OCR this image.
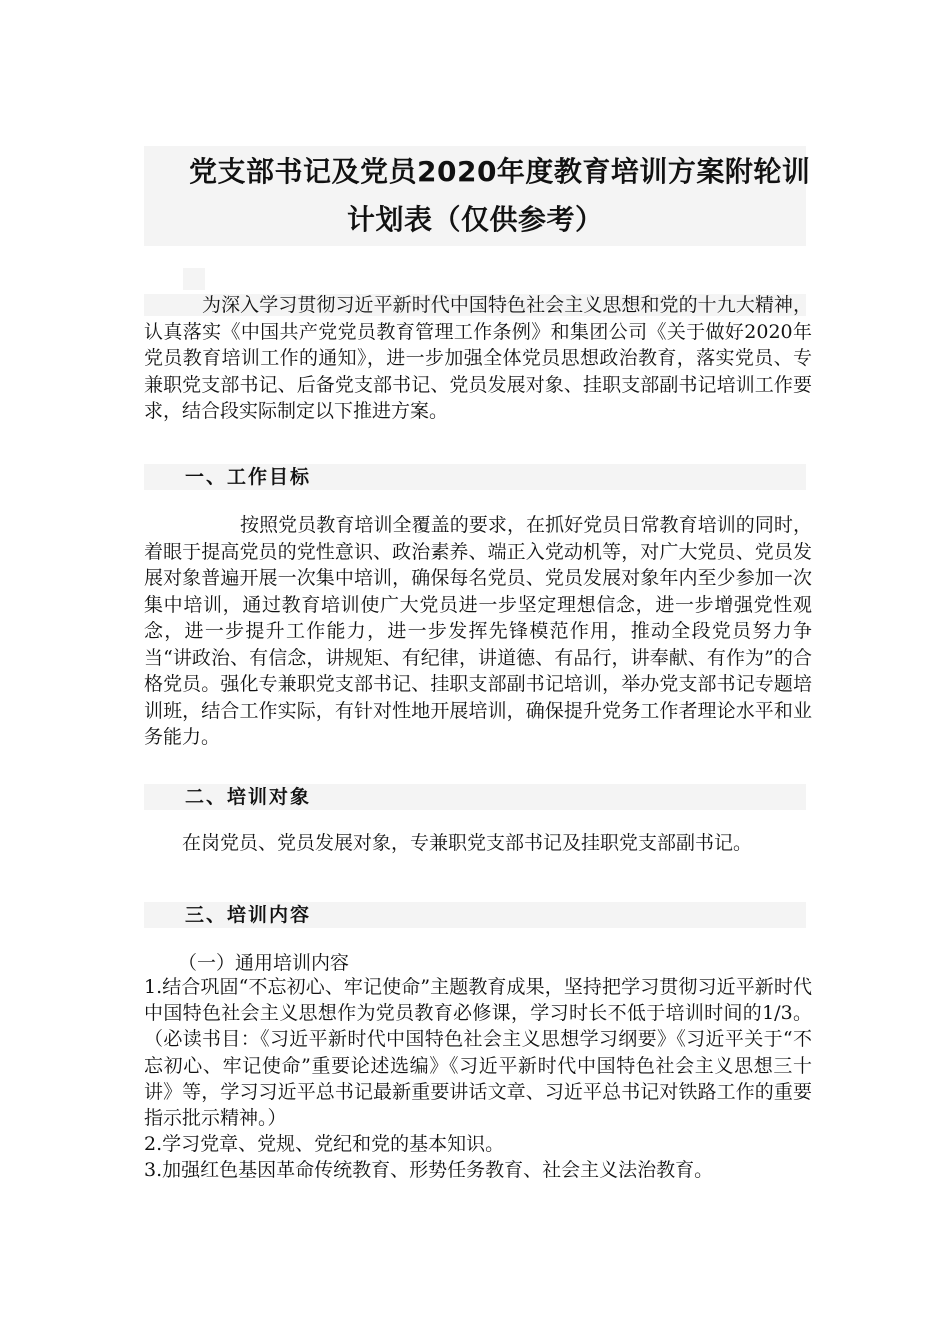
党支部书记及党员2020年度教育培训方案附轮训
计划表（仅供参考）
为深入学习贯彻习近平新时代中国特色社会主义思想和党的十九大精神，认真落实《中国共产党党员教育管理工作条例》和集团公司《关于做好2020年党员教育培训工作的通知》，进一步加强全体党员思想政治教育，落实党员、专兼职党支部书记、后备党支部书记、党员发展对象、挂职支部副书记培训工作要求，结合段实际制定以下推进方案。
一、工作目标
按照党员教育培训全覆盖的要求，在抓好党员日常教育培训的同时，着眼于提高党员的党性意识、政治素养、端正入党动机等，对广大党员、党员发展对象普遍开展一次集中培训，确保每名党员、党员发展对象年内至少参加一次集中培训，通过教育培训使广大党员进一步坚定理想信念，进一步增强党性观念，进一步提升工作能力，进一步发挥先锋模范作用，推动全段党员努力争当“讲政治、有信念，讲规矩、有纪律，讲道德、有品行，讲奉献、有作为”的合格党员。强化专兼职党支部书记、挂职支部副书记培训，举办党支部书记专题培训班，结合工作实际，有针对性地开展培训，确保提升党务工作者理论水平和业务能力。
二、培训对象
在岗党员、党员发展对象，专兼职党支部书记及挂职党支部副书记。
三、培训内容
（一）通用培训内容

1.结合巩固“不忘初心、牢记使命”主题教育成果，坚持把学习贯彻习近平新时代中国特色社会主义思想作为党员教育必修课，学习时长不低于培训时间的1/3。（必读书目：《习近平新时代中国特色社会主义思想学习纲要》《习近平关于“不忘初心、牢记使命”重要论述选编》《习近平新时代中国特色社会主义思想三十讲》等，学习习近平总书记最新重要讲话文章、习近平总书记对铁路工作的重要指示批示精神。）

2.学习党章、党规、党纪和党的基本知识。

3.加强红色基因革命传统教育、形势任务教育、社会主义法治教育。
